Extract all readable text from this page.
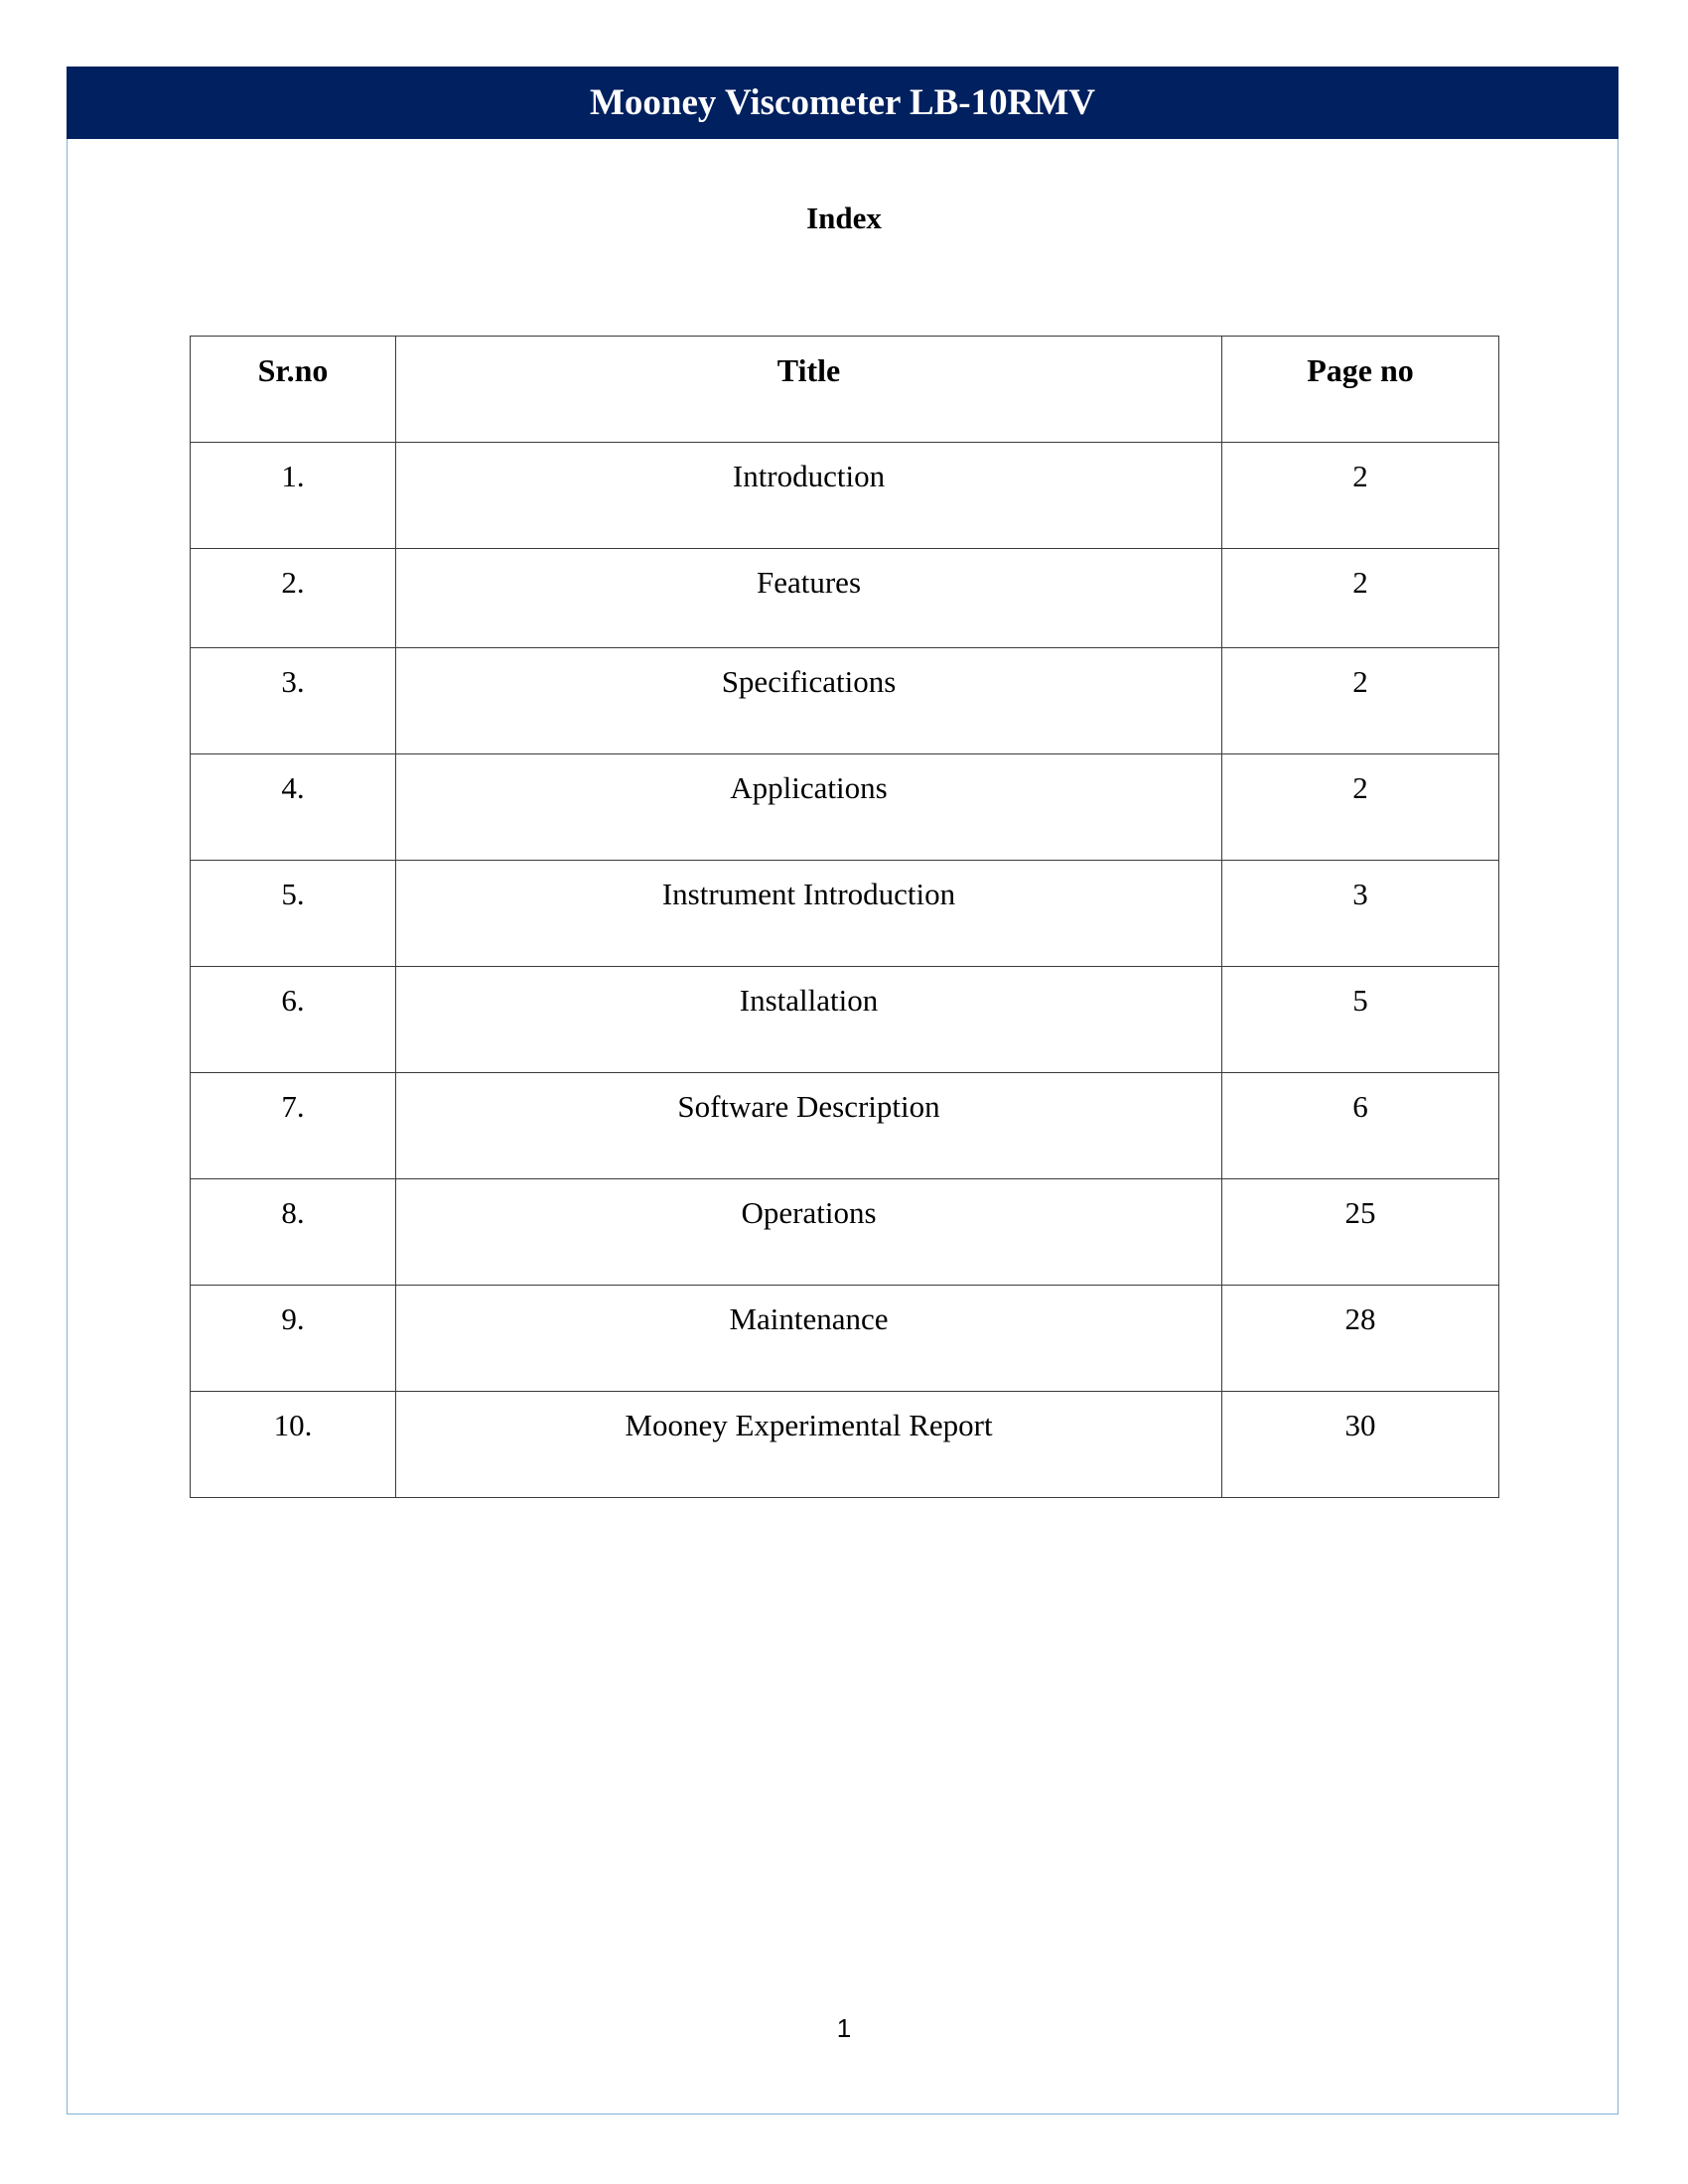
Mooney Viscometer LB-10RMV
Index
Sr.no	Title	Page no
1.	Introduction	2
2.	Features	2
3.	Specifications	2
4.	Applications	2
5.	Instrument Introduction	3
6.	Installation	5
7.	Software Description	6
8.	Operations	25
9.	Maintenance	28
10.	Mooney Experimental Report	30
1
